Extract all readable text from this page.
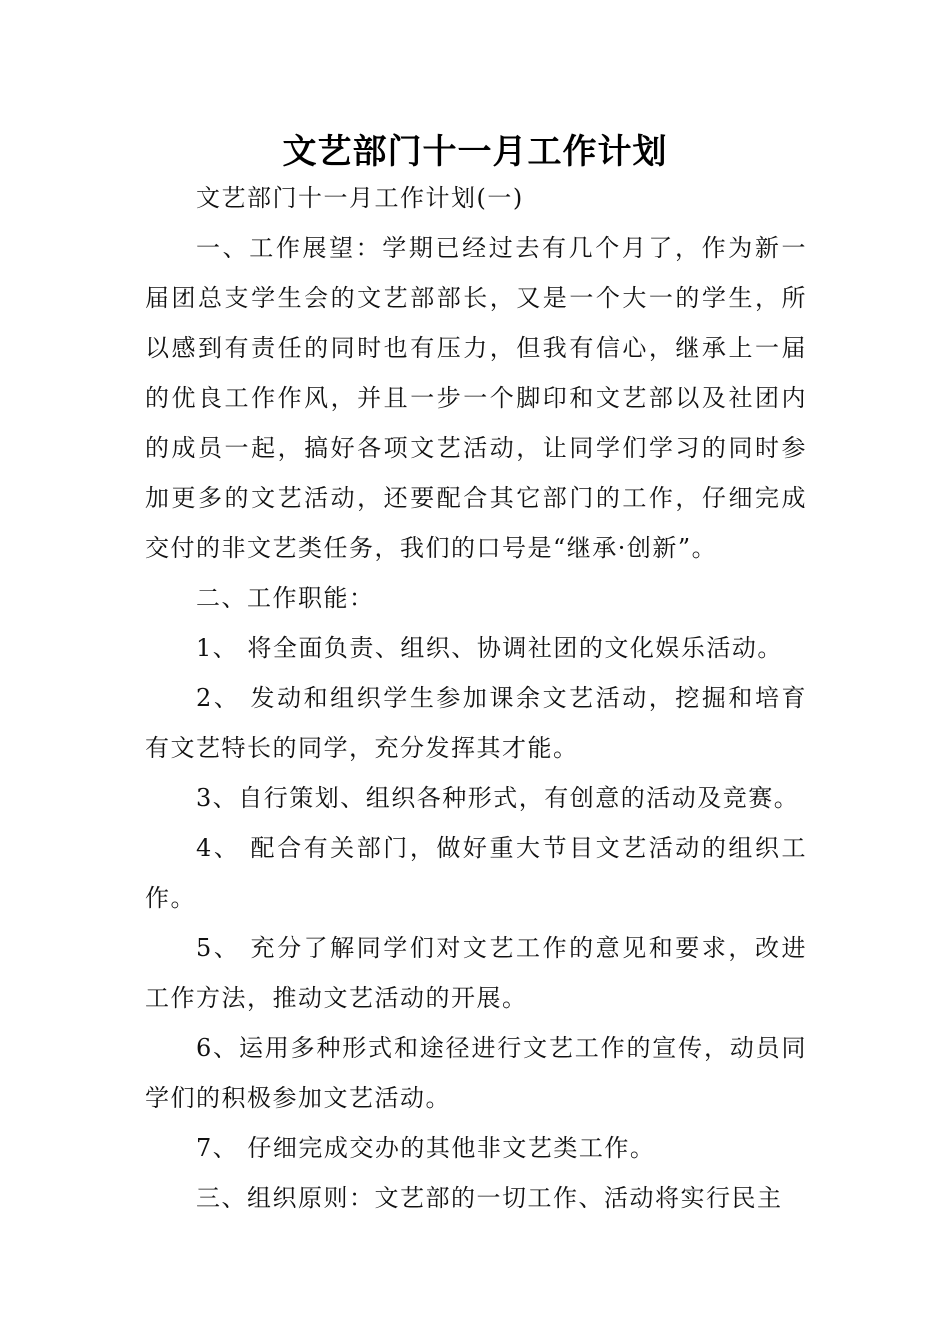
文艺部门十一月工作计划

文艺部门十一月工作计划(一)

一、工作展望：学期已经过去有几个月了，作为新一届团总支学生会的文艺部部长，又是一个大一的学生，所以感到有责任的同时也有压力，但我有信心，继承上一届的优良工作作风，并且一步一个脚印和文艺部以及社团内的成员一起，搞好各项文艺活动，让同学们学习的同时参加更多的文艺活动，还要配合其它部门的工作，仔细完成交付的非文艺类任务，我们的口号是“继承·创新”。

二、工作职能：

1、 将全面负责、组织、协调社团的文化娱乐活动。

2、 发动和组织学生参加课余文艺活动，挖掘和培育有文艺特长的同学，充分发挥其才能。

3、自行策划、组织各种形式，有创意的活动及竞赛。

4、 配合有关部门，做好重大节目文艺活动的组织工作。

5、 充分了解同学们对文艺工作的意见和要求，改进工作方法，推动文艺活动的开展。

6、运用多种形式和途径进行文艺工作的宣传，动员同学们的积极参加文艺活动。

7、 仔细完成交办的其他非文艺类工作。

三、组织原则：文艺部的一切工作、活动将实行民主
